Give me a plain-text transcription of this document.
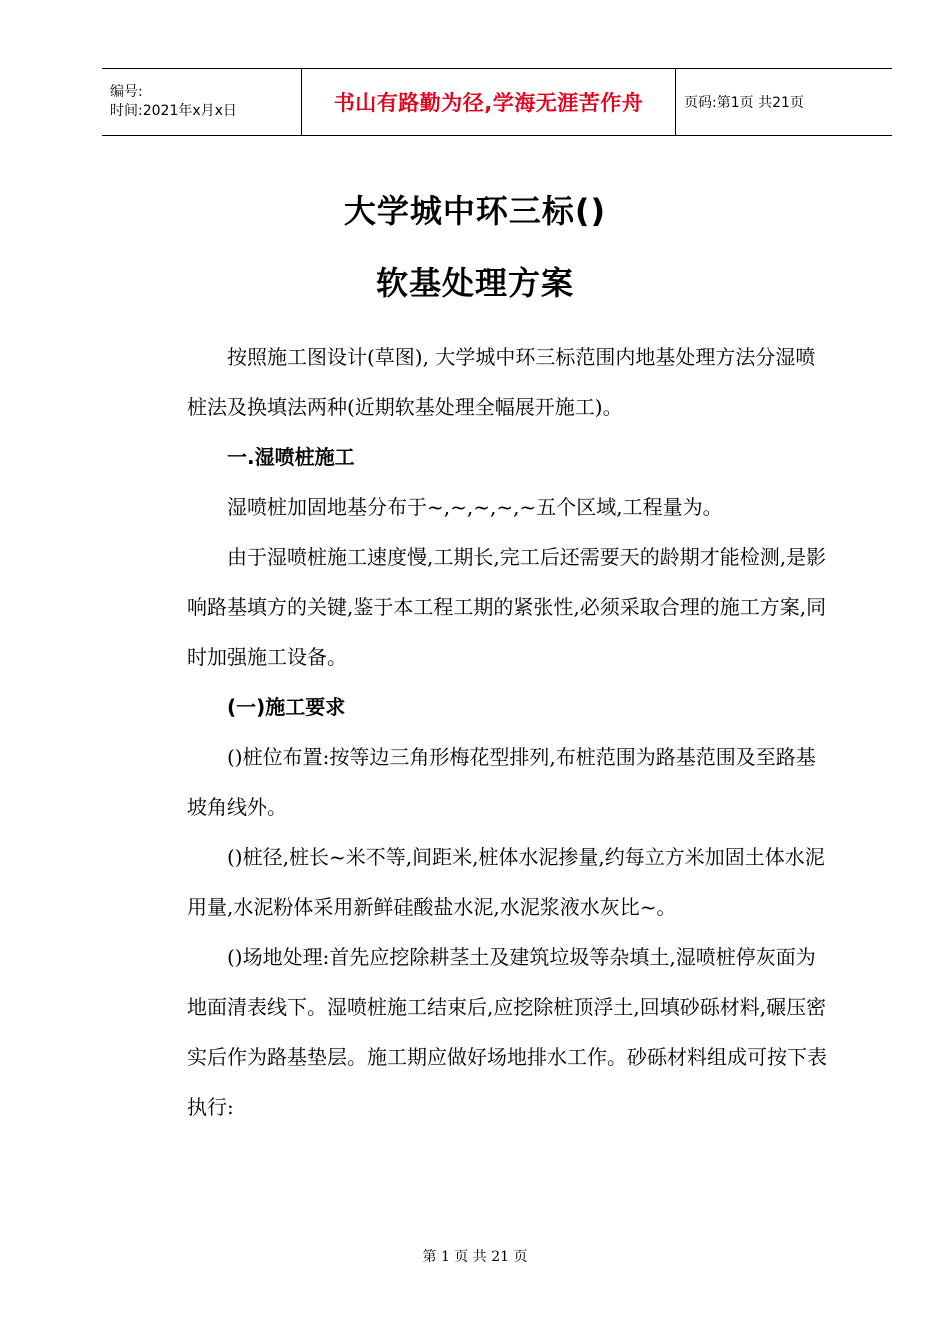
编号:
时间:2021年x月x日	书山有路勤为径,学海无涯苦作舟	页码:第1页 共21页
大学城中环三标()
软基处理方案

按照施工图设计(草图), 大学城中环三标范围内地基处理方法分湿喷桩法及换填法两种(近期软基处理全幅展开施工)。

一.湿喷桩施工

湿喷桩加固地基分布于~,~,~,~,~五个区域,工程量为。

由于湿喷桩施工速度慢,工期长,完工后还需要天的龄期才能检测,是影响路基填方的关键,鉴于本工程工期的紧张性,必须采取合理的施工方案,同时加强施工设备。

(一)施工要求

()桩位布置:按等边三角形梅花型排列,布桩范围为路基范围及至路基坡角线外。

()桩径,桩长~米不等,间距米,桩体水泥掺量,约每立方米加固土体水泥用量,水泥粉体采用新鲜硅酸盐水泥,水泥浆液水灰比~。

()场地处理:首先应挖除耕茎土及建筑垃圾等杂填土,湿喷桩停灰面为地面清表线下。湿喷桩施工结束后,应挖除桩顶浮土,回填砂砾材料,碾压密实后作为路基垫层。施工期应做好场地排水工作。砂砾材料组成可按下表执行:

第 1 页 共 21 页
